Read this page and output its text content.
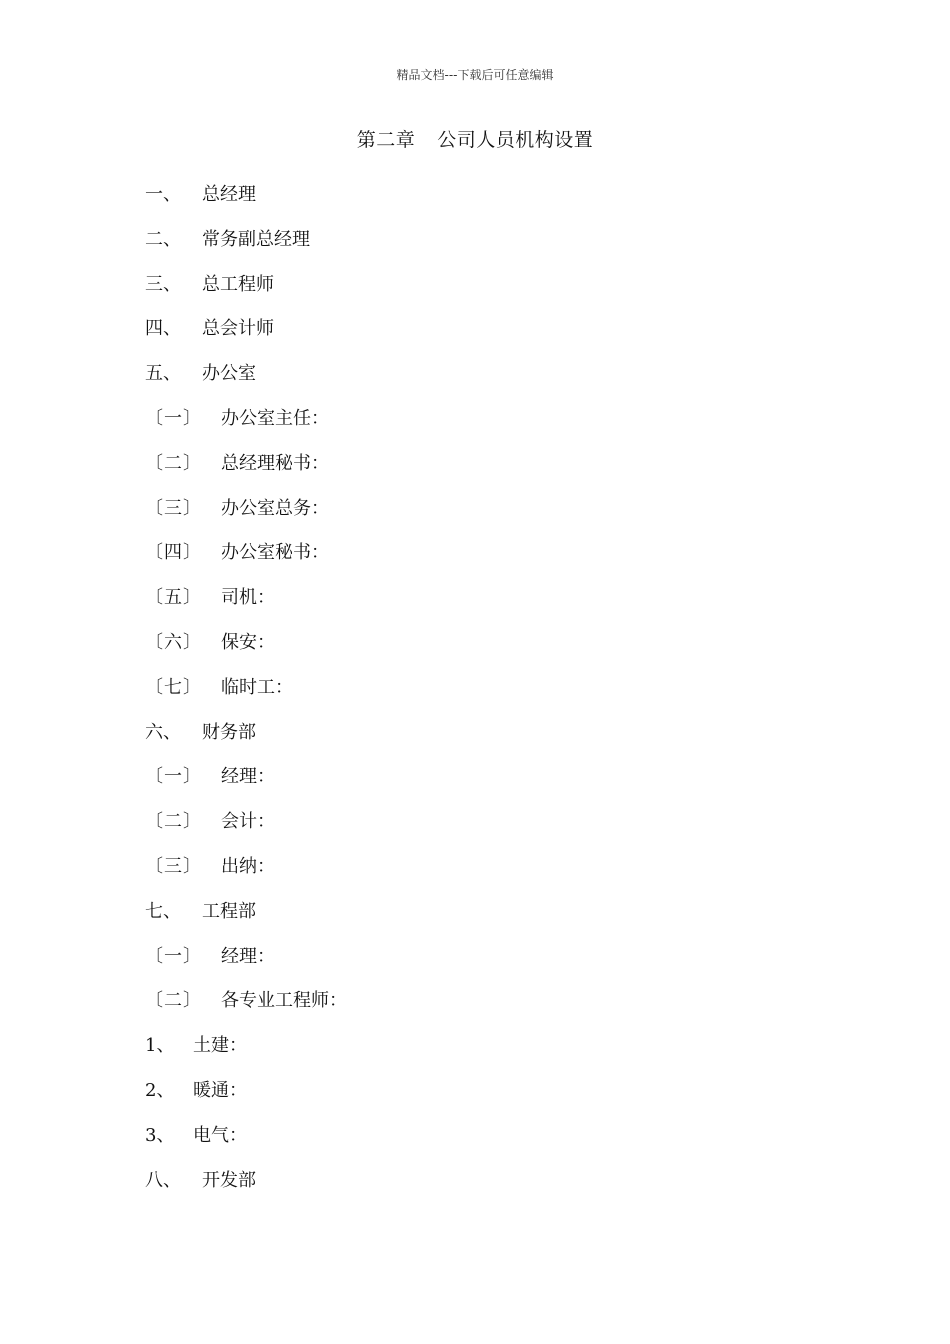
精品文档---下载后可任意编辑
第二章 公司人员机构设置
一、 总经理
二、 常务副总经理
三、 总工程师
四、 总会计师
五、 办公室
〔一〕 办公室主任：
〔二〕 总经理秘书：
〔三〕 办公室总务：
〔四〕 办公室秘书：
〔五〕 司机：
〔六〕 保安：
〔七〕 临时工：
六、 财务部
〔一〕 经理：
〔二〕 会计：
〔三〕 出纳：
七、 工程部
〔一〕 经理：
〔二〕 各专业工程师：
1、 土建：
2、 暖通：
3、 电气：
八、 开发部
